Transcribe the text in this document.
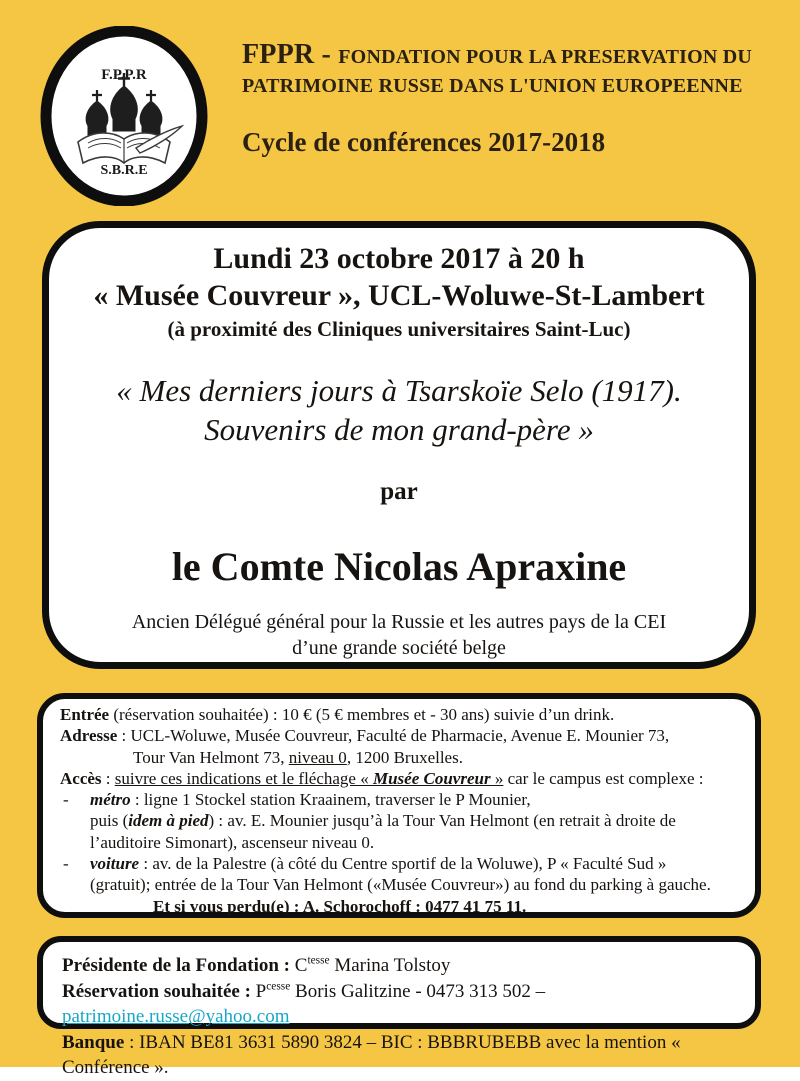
F.P.P.R
S.B.R.E
FPPR - FONDATION POUR LA PRESERVATION DU
PATRIMOINE RUSSE DANS L'UNION EUROPEENNE
Cycle de conférences 2017-2018
Lundi 23 octobre 2017 à 20 h
« Musée Couvreur », UCL-Woluwe-St-Lambert
(à proximité des Cliniques universitaires Saint-Luc)
« Mes derniers jours à Tsarskoïe Selo (1917).
Souvenirs de mon grand-père »
par
le Comte Nicolas Apraxine
Ancien Délégué général pour la Russie et les autres pays de la CEI
d’une grande société belge
Entrée (réservation souhaitée) : 10 € (5 € membres et - 30 ans) suivie d’un drink.
Adresse : UCL-Woluwe, Musée Couvreur, Faculté de Pharmacie, Avenue E. Mounier 73,
Tour Van Helmont 73, niveau 0, 1200 Bruxelles.
Accès : suivre ces indications et le fléchage « Musée Couvreur » car le campus est complexe :
- métro : ligne 1 Stockel station Kraainem, traverser le P Mounier,
puis (idem à pied) : av. E. Mounier jusqu’à la Tour Van Helmont (en retrait à droite de
l’auditoire Simonart), ascenseur niveau 0.
- voiture : av. de la Palestre (à côté du Centre sportif de la Woluwe), P « Faculté Sud »
(gratuit); entrée de la Tour Van Helmont («Musée Couvreur») au fond du parking à gauche.
Et si vous perdu(e) : A. Schorochoff : 0477 41 75 11.
Présidente de la Fondation : $C^{tesse}$ Marina Tolstoy
Réservation souhaitée : $P^{cesse}$ Boris Galitzine - 0473 313 502 – patrimoine.russe@yahoo.com
Banque : IBAN BE81 3631 5890 3824 – BIC : BBBRUBEBB avec la mention « Conférence ».
